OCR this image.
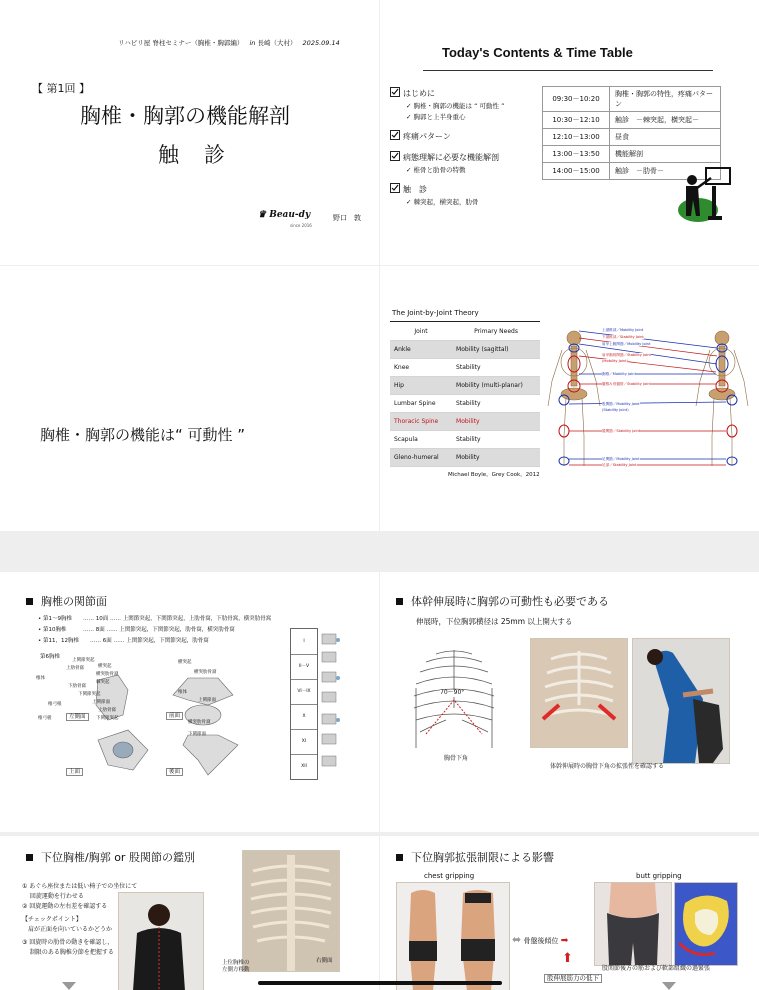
リハビリ屋 脊柱セミナー（胸椎・胸郭編） in 長崎（大村） 2025.09.14
【 第1回 】
胸椎・胸郭の機能解剖
触　診
♛ Beau-dy
since 2016
野口　敦
Today's Contents & Time Table
はじめに
✓ 胸椎・胸郭の機能は “ 可動性 ”
✓ 胸郭と上半身重心
疼痛パターン
病態理解に必要な機能解剖
✓ 椎骨と肋骨の特徴
触　診
✓ 棘突起，横突起，肋骨
09:30－10:20	胸椎・胸郭の特性，疼痛パターン
10:30－12:10	触診　－棘突起，横突起－
12:10－13:00	昼食
13:00－13:50	機能解剖
14:00－15:00	触診　－肋骨－
胸椎・胸郭の機能は“ 可動性 ”
The Joint-by-Joint Theory
Joint	Primary Needs
Ankle	Mobility (sagittal)
Knee	Stability
Hip	Mobility (multi-planar)
Lumbar Spine	Stability
Thoracic Spine	Mobility
Scapula	Stability
Gleno-humeral	Mobility
Michael Boyle，Grey Cook，2012
上頸椎部／Mobility Joint
下頸椎部／Stability Joint
肩甲上腕関節／Mobility Joint
肩甲胸郭関節／Stability Joint
(Mobility Joint)
胸椎／Mobility Joint
腰椎＆骨盤帯／Stability Joint
股関節／Mobility Joint
(Stability Joint)
膝関節／Stability Joint
足関節／Mobility Joint
足部／Stability Joint
胸椎の関節面
• 第1～9胸椎　　…… 10面 …… 上関節突起，下関節突起，上肋骨窩，下肋骨窩，横突肋骨窩
• 第10胸椎　　　…… 8面 …… 上関節突起，下関節突起，肋骨窩，横突肋骨窩
• 第11，12胸椎　　…… 6面 …… 上関節突起，下関節突起，肋骨窩
第6胸椎
上関節突起
上肋骨窩
椎体
下肋骨窩
下関節突起
横突起
横突肋骨窩
棘突起
椎弓根
椎弓板
上関節面
上肋骨窩
下関節突起
横突起
横突肋骨窩
椎体
上関節面
横突肋骨窩
下関節面
左側面	前面
上面	後面
I
II－V
VI－IX
X
XI
XII
体幹伸展時に胸郭の可動性も必要である
伸展時，下位胸郭横径は 25mm 以上開大する
70～90°
胸骨下角
体幹伸展時の胸骨下角の拡張性を確認する
下位胸椎/胸郭 or 股関節の鑑別
① あぐら座位または低い椅子での坐位にて
　 回旋運動を行わせる
② 回旋運動の左右差を確認する
【チェックポイント】
　肩が正面を向いているかどうか
③ 回旋時の肋骨の動きを確認し，
　 制限のある胸椎分節を把握する
上位胸椎の
左側方移動
右側面
下位胸郭拡張制限による影響
chest gripping	butt gripping
⬌ 骨盤後傾位 ➡
⬆
股伸展筋力の低下
股関節後方の筋および軟部組織の過緊張
